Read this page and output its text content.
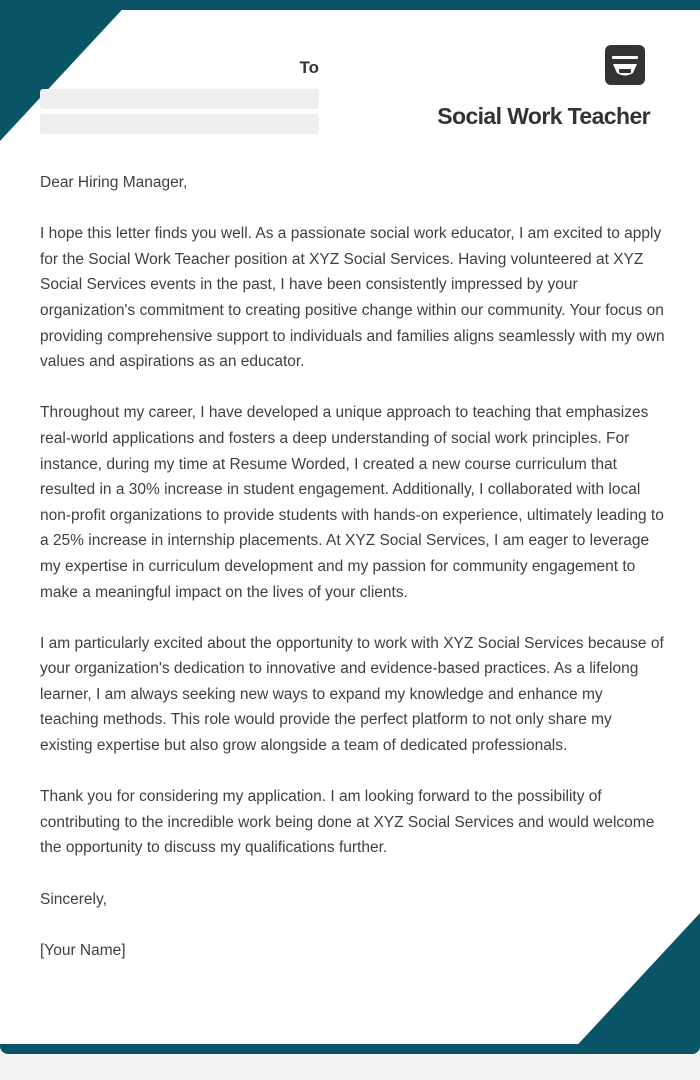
To
Social Work Teacher

Dear Hiring Manager,

I hope this letter finds you well. As a passionate social work educator, I am excited to apply for the Social Work Teacher position at XYZ Social Services. Having volunteered at XYZ Social Services events in the past, I have been consistently impressed by your organization's commitment to creating positive change within our community. Your focus on providing comprehensive support to individuals and families aligns seamlessly with my own values and aspirations as an educator.

Throughout my career, I have developed a unique approach to teaching that emphasizes real-world applications and fosters a deep understanding of social work principles. For instance, during my time at Resume Worded, I created a new course curriculum that resulted in a 30% increase in student engagement. Additionally, I collaborated with local non-profit organizations to provide students with hands-on experience, ultimately leading to a 25% increase in internship placements. At XYZ Social Services, I am eager to leverage my expertise in curriculum development and my passion for community engagement to make a meaningful impact on the lives of your clients.

I am particularly excited about the opportunity to work with XYZ Social Services because of your organization's dedication to innovative and evidence-based practices. As a lifelong learner, I am always seeking new ways to expand my knowledge and enhance my teaching methods. This role would provide the perfect platform to not only share my existing expertise but also grow alongside a team of dedicated professionals.

Thank you for considering my application. I am looking forward to the possibility of contributing to the incredible work being done at XYZ Social Services and would welcome the opportunity to discuss my qualifications further.

Sincerely,

[Your Name]
